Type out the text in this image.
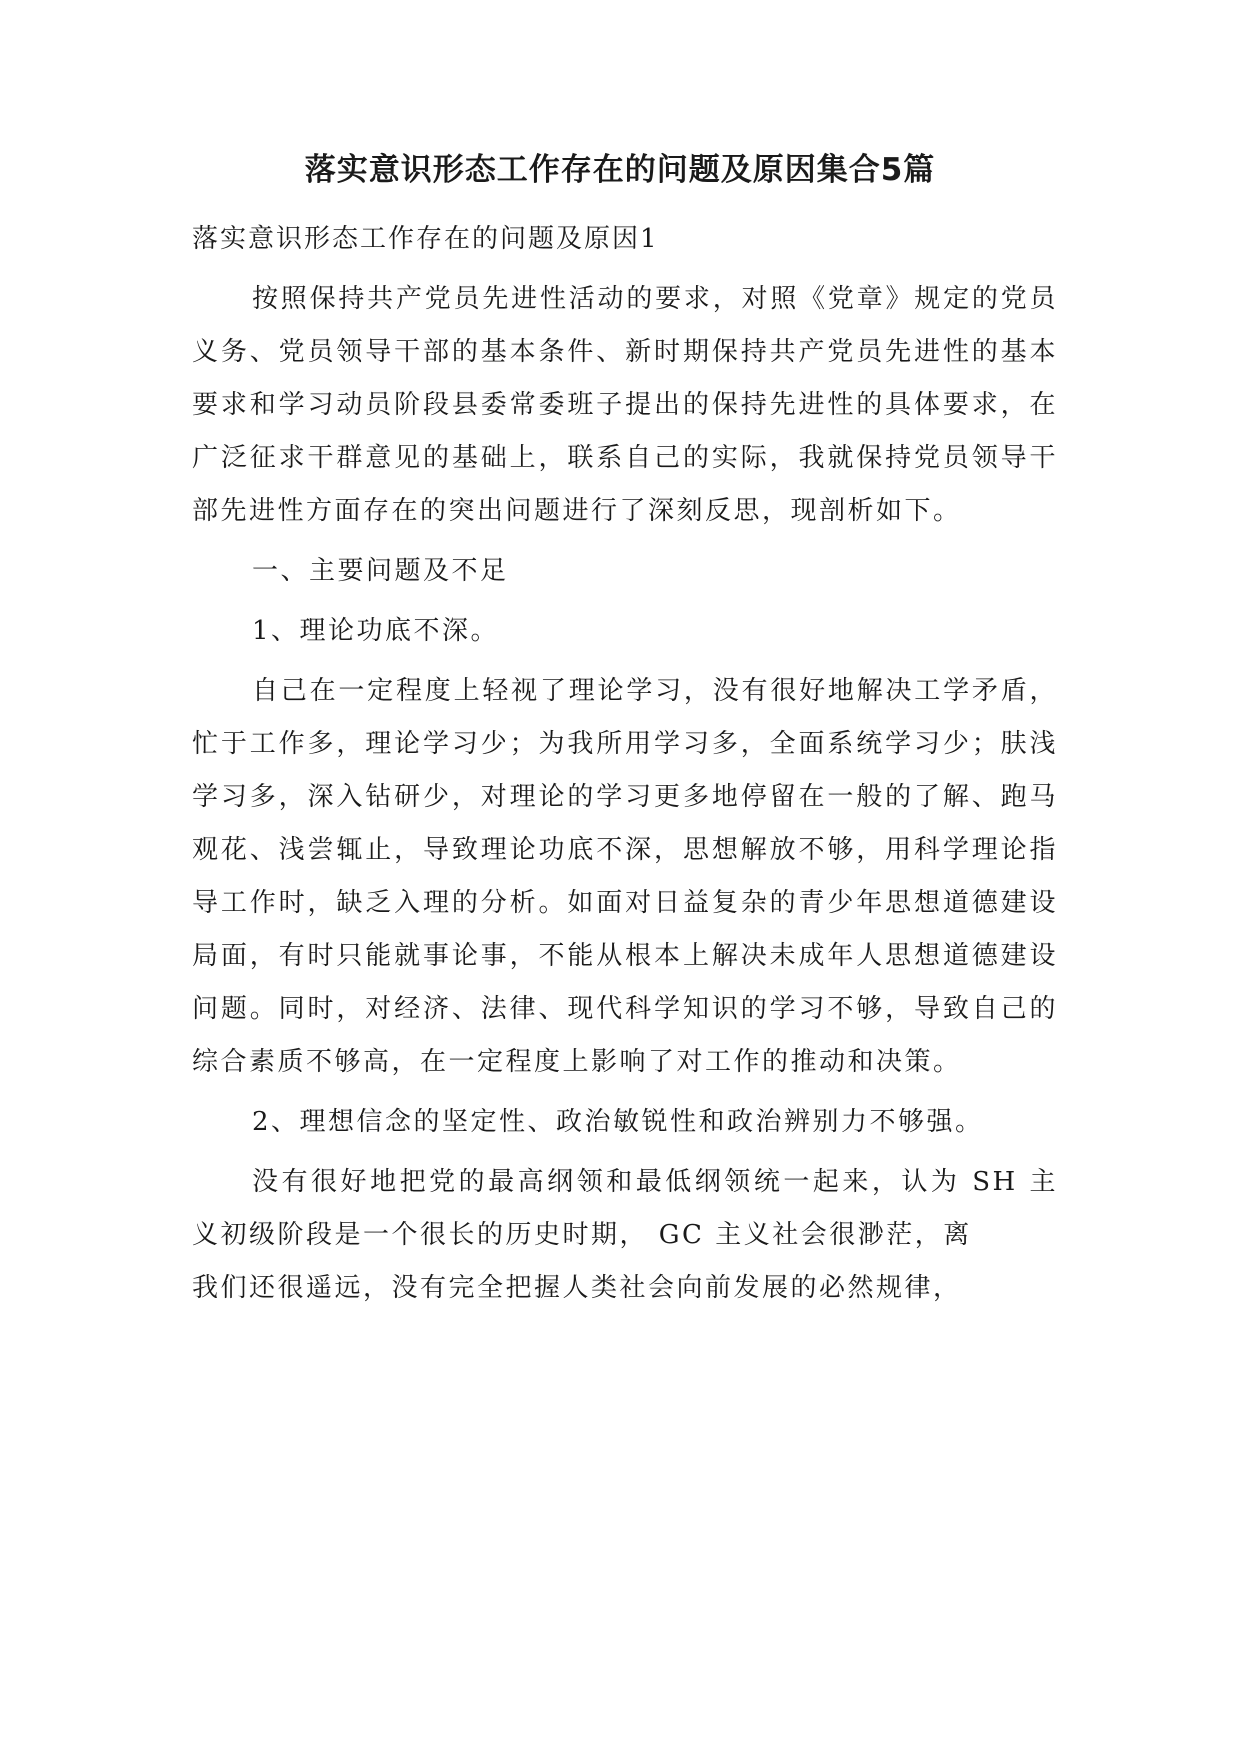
落实意识形态工作存在的问题及原因集合5篇

落实意识形态工作存在的问题及原因1

按照保持共产党员先进性活动的要求，对照《党章》规定的党员义务、党员领导干部的基本条件、新时期保持共产党员先进性的基本要求和学习动员阶段县委常委班子提出的保持先进性的具体要求，在广泛征求干群意见的基础上，联系自己的实际，我就保持党员领导干部先进性方面存在的突出问题进行了深刻反思，现剖析如下。

一、主要问题及不足

1、理论功底不深。

自己在一定程度上轻视了理论学习，没有很好地解决工学矛盾，忙于工作多，理论学习少；为我所用学习多，全面系统学习少；肤浅学习多，深入钻研少，对理论的学习更多地停留在一般的了解、跑马观花、浅尝辄止，导致理论功底不深，思想解放不够，用科学理论指导工作时，缺乏入理的分析。如面对日益复杂的青少年思想道德建设局面，有时只能就事论事，不能从根本上解决未成年人思想道德建设问题。同时，对经济、法律、现代科学知识的学习不够，导致自己的综合素质不够高，在一定程度上影响了对工作的推动和决策。

2、理想信念的坚定性、政治敏锐性和政治辨别力不够强。

没有很好地把党的最高纲领和最低纲领统一起来，认为 SH 主义初级阶段是一个很长的历史时期， GC 主义社会很渺茫，离

我们还很遥远，没有完全把握人类社会向前发展的必然规律，
